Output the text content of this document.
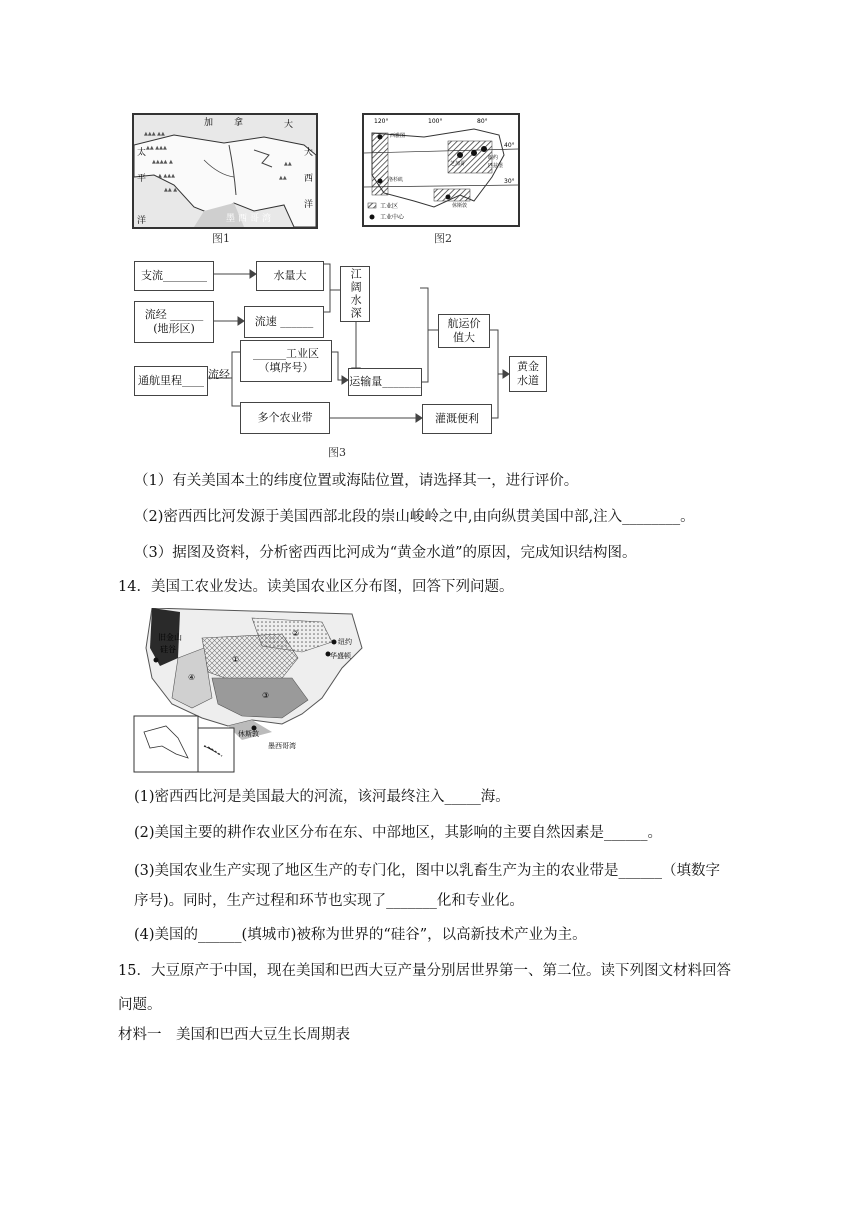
▲▲▲ ▲▲
▲▲ ▲▲▲
▲▲▲▲ ▲
▲ ▲▲▲
▲▲ ▲
▲▲
▲▲
加 拿	大
太
平
洋	墨 西 哥 湾
大
西
洋
图1
120°	100°	80°
40°
30°
西雅图
芝加哥
纽约
匹兹堡
洛杉矶
休斯敦
工业区
工业中心
图2
支流 ________	水量大
流经 ______
(地形区)
流速 ______
江阔水深
通航里程 ____ 流经
______工业区
（填序号）
多个农业带
运输量 _______
灌溉便利
航运价值大
黄金水道
图3
（1）有关美国本土的纬度位置或海陆位置，请选择其一，进行评价。
（2)密西西比河发源于美国西部北段的崇山峻岭之中,由向纵贯美国中部,注入________。
（3）据图及资料，分析密西西比河成为“黄金水道”的原因，完成知识结构图。
14．美国工农业发达。读美国农业区分布图，回答下列问题。
①
②
③
④
旧金山
硅谷
纽约
华盛顿
休斯敦
墨西哥湾
(1)密西西比河是美国最大的河流，该河最终注入_____海。
(2)美国主要的耕作农业区分布在东、中部地区，其影响的主要自然因素是______。
(3)美国农业生产实现了地区生产的专门化，图中以乳畜生产为主的农业带是______（填数字序号)。同时，生产过程和环节也实现了_______化和专业化。
(4)美国的______(填城市)被称为世界的“硅谷”，以高新技术产业为主。
15．大豆原产于中国，现在美国和巴西大豆产量分别居世界第一、第二位。读下列图文材料回答问题。
材料一　美国和巴西大豆生长周期表
